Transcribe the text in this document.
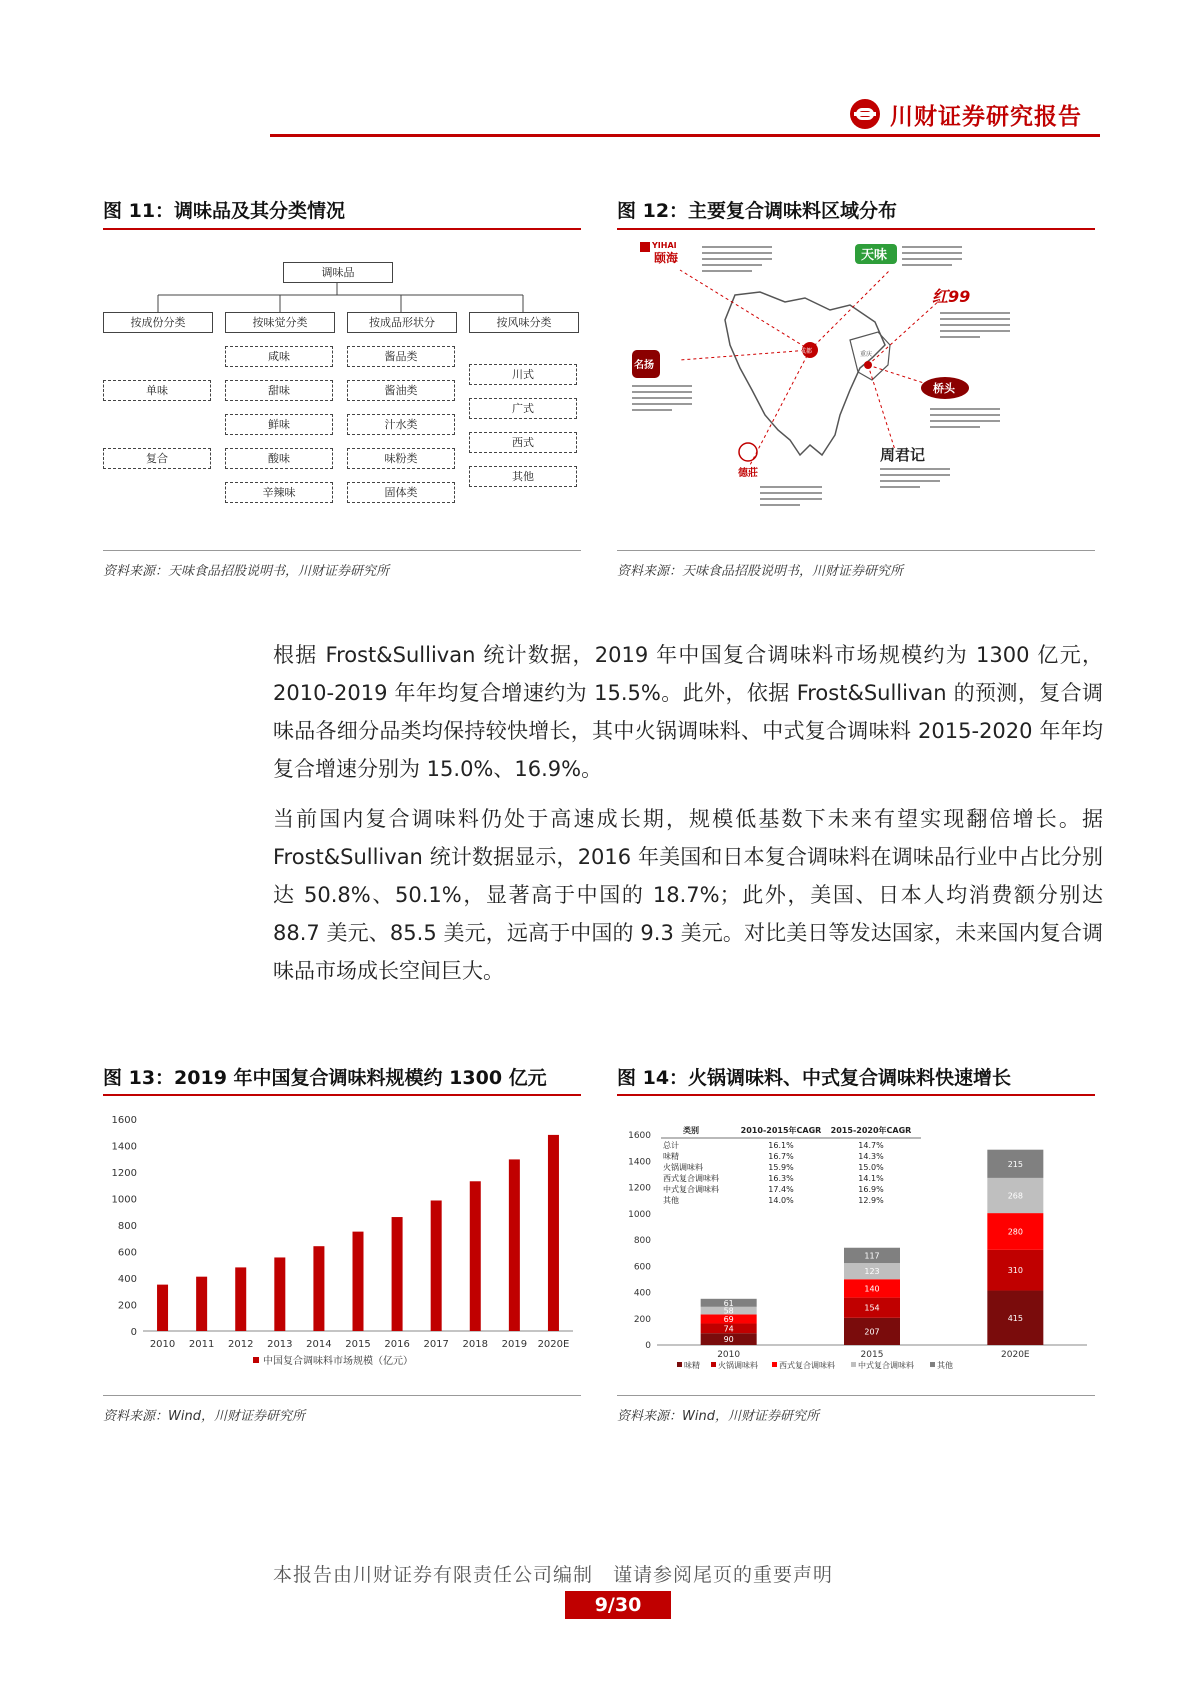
川财证券研究报告
图 11：调味品及其分类情况
调味品
按成份分类	按味觉分类	按成品形状分	按风味分类
单味
复合
咸味
甜味
鲜味
酸味
辛辣味
酱品类
酱油类
汁水类
味粉类
固体类
川式
广式
西式
其他
资料来源：天味食品招股说明书，川财证券研究所
图 12：主要复合调味料区域分布
成都	重庆
YIHAI
颐海	天味
红99
名扬
桥头
德莊
周君记
资料来源：天味食品招股说明书，川财证券研究所
根据 Frost&Sullivan 统计数据，2019 年中国复合调味料市场规模约为 1300 亿元，2010-2019 年年均复合增速约为 15.5%。此外，依据 Frost&Sullivan 的预测，复合调味品各细分品类均保持较快增长，其中火锅调味料、中式复合调味料 2015-2020 年年均复合增速分别为 15.0%、16.9%。
当前国内复合调味料仍处于高速成长期，规模低基数下未来有望实现翻倍增长。据 Frost&Sullivan 统计数据显示，2016 年美国和日本复合调味料在调味品行业中占比分别达 50.8%、50.1%，显著高于中国的 18.7%；此外，美国、日本人均消费额分别达 88.7 美元、85.5 美元，远高于中国的 9.3 美元。对比美日等发达国家，未来国内复合调味品市场成长空间巨大。
图 13：2019 年中国复合调味料规模约 1300 亿元
0
200
400
600
800
1000
1200
1400
1600
2010 2011 2012 2013 2014 2015 2016 2017 2018 2019 2020E
中国复合调味料市场规模（亿元）
资料来源：Wind，川财证券研究所
图 14：火锅调味料、中式复合调味料快速增长
0
200
400
600
800
1000
1200
1400
1600
90
74
69
58
61
2010
207
154
140
123
117
2015
415
310
280
268
215
2020E
味精 火锅调味料	西式复合调味料	中式复合调味料	其他
类别	2010-2015年CAGR 2015-2020年CAGR
总计	16.1%	14.7%
味精	16.7%	14.3%
火锅调味料	15.9%	15.0%
西式复合调味料	16.3%	14.1%
中式复合调味料	17.4%	16.9%
其他	14.0%	12.9%
资料来源：Wind，川财证券研究所
本报告由川财证券有限责任公司编制　谨请参阅尾页的重要声明
9/30
